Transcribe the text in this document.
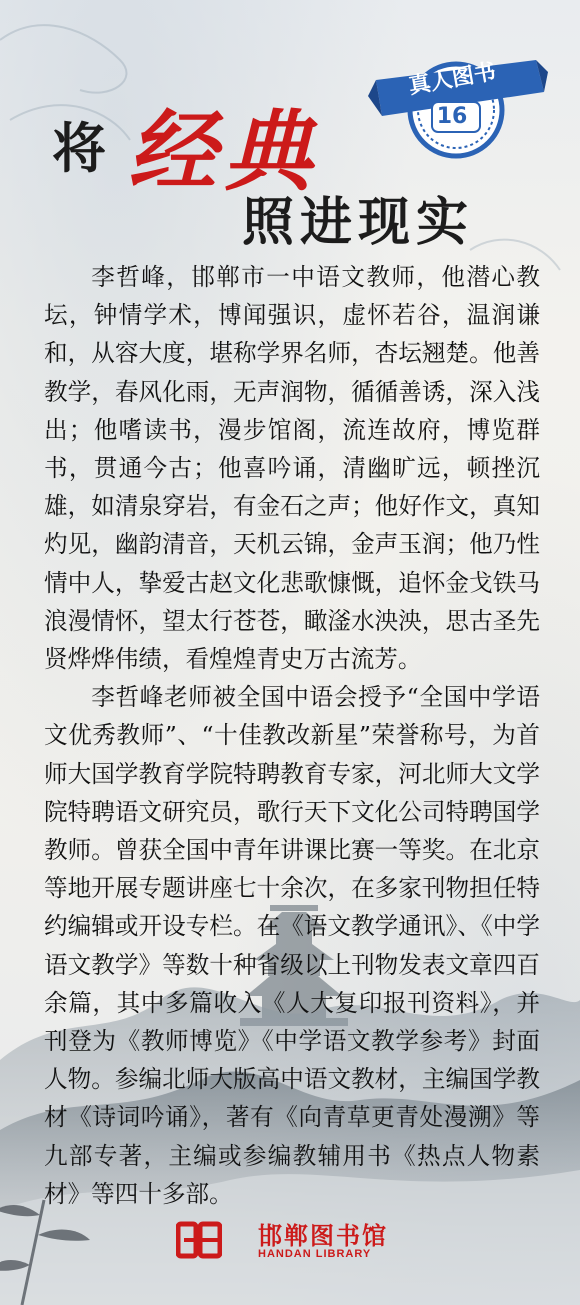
将 经典
照进现实
真人图书
16

李哲峰，邯郸市一中语文教师，他潜心教坛，钟情学术，博闻强识，虚怀若谷，温润谦和，从容大度，堪称学界名师，杏坛翘楚。他善教学，春风化雨，无声润物，循循善诱，深入浅出；他嗜读书，漫步馆阁，流连故府，博览群书，贯通今古；他喜吟诵，清幽旷远，顿挫沉雄，如清泉穿岩，有金石之声；他好作文，真知灼见，幽韵清音，天机云锦，金声玉润；他乃性情中人，挚爱古赵文化悲歌慷慨，追怀金戈铁马浪漫情怀，望太行苍苍，瞰滏水泱泱，思古圣先贤烨烨伟绩，看煌煌青史万古流芳。

李哲峰老师被全国中语会授予“全国中学语文优秀教师”、“十佳教改新星”荣誉称号，为首师大国学教育学院特聘教育专家，河北师大文学院特聘语文研究员，歌行天下文化公司特聘国学教师。曾获全国中青年讲课比赛一等奖。在北京等地开展专题讲座七十余次，在多家刊物担任特约编辑或开设专栏。在《语文教学通讯》、《中学语文教学》等数十种省级以上刊物发表文章四百余篇，其中多篇收入《人大复印报刊资料》，并刊登为《教师博览》《中学语文教学参考》封面人物。参编北师大版高中语文教材，主编国学教材《诗词吟诵》，著有《向青草更青处漫溯》等九部专著，主编或参编教辅用书《热点人物素材》等四十多部。

邯郸图书馆
HANDAN LIBRARY
